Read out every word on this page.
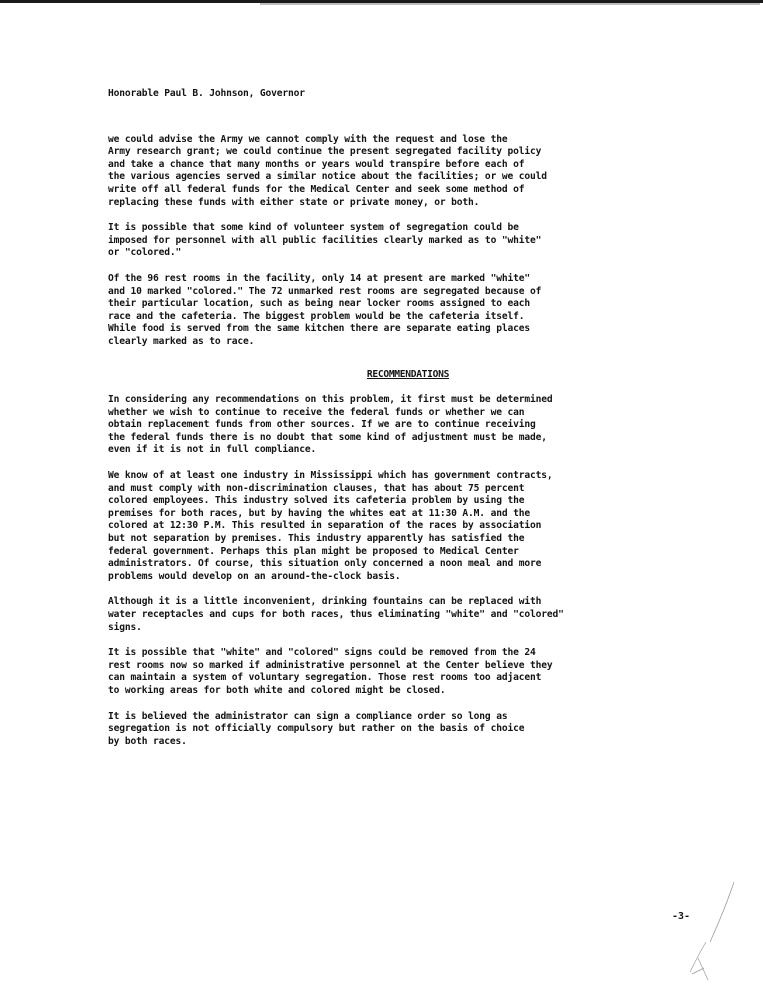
Honorable Paul B. Johnson, Governor
we could advise the Army we cannot comply with the request and lose the
Army research grant; we could continue the present segregated facility policy
and take a chance that many months or years would transpire before each of
the various agencies served a similar notice about the facilities; or we could
write off all federal funds for the Medical Center and seek some method of
replacing these funds with either state or private money, or both.
It is possible that some kind of volunteer system of segregation could be
imposed for personnel with all public facilities clearly marked as to "white"
or "colored."
Of the 96 rest rooms in the facility, only 14 at present are marked "white"
and 10 marked "colored." The 72 unmarked rest rooms are segregated because of
their particular location, such as being near locker rooms assigned to each
race and the cafeteria. The biggest problem would be the cafeteria itself.
While food is served from the same kitchen there are separate eating places
clearly marked as to race.
RECOMMENDATIONS
In considering any recommendations on this problem, it first must be determined
whether we wish to continue to receive the federal funds or whether we can
obtain replacement funds from other sources. If we are to continue receiving
the federal funds there is no doubt that some kind of adjustment must be made,
even if it is not in full compliance.
We know of at least one industry in Mississippi which has government contracts,
and must comply with non-discrimination clauses, that has about 75 percent
colored employees. This industry solved its cafeteria problem by using the
premises for both races, but by having the whites eat at 11:30 A.M. and the
colored at 12:30 P.M. This resulted in separation of the races by association
but not separation by premises. This industry apparently has satisfied the
federal government. Perhaps this plan might be proposed to Medical Center
administrators. Of course, this situation only concerned a noon meal and more
problems would develop on an around-the-clock basis.
Although it is a little inconvenient, drinking fountains can be replaced with
water receptacles and cups for both races, thus eliminating "white" and "colored"
signs.
It is possible that "white" and "colored" signs could be removed from the 24
rest rooms now so marked if administrative personnel at the Center believe they
can maintain a system of voluntary segregation. Those rest rooms too adjacent
to working areas for both white and colored might be closed.
It is believed the administrator can sign a compliance order so long as
segregation is not officially compulsory but rather on the basis of choice
by both races.
-3-
